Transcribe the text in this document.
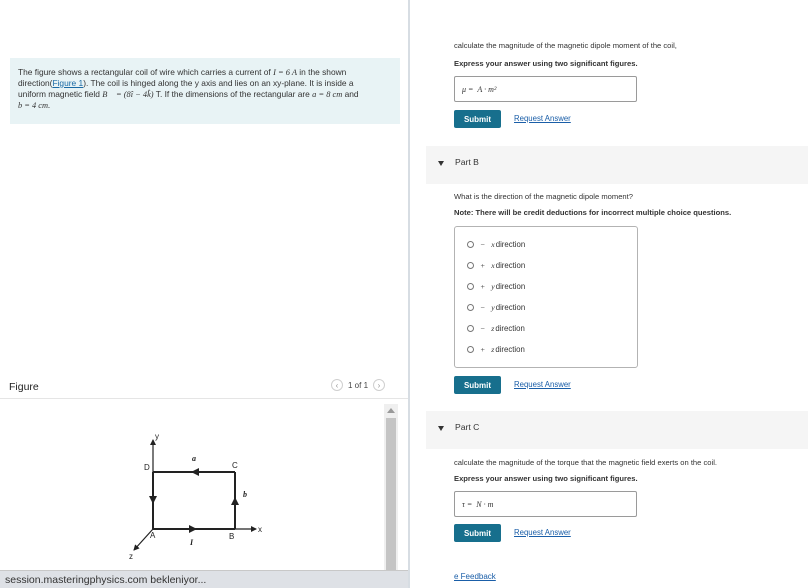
The figure shows a rectangular coil of wire which carries a current of I = 6 A in the shown
direction(Figure 1). The coil is hinged along the y axis and lies on an xy-plane. It is inside a
uniform magnetic field B⃗ = (8î − 4k̂) T. If the dimensions of the rectangular are a = 8 cm and
b = 4 cm.
Figure	‹	1 of 1	›
y
x
z
D	C
A	B
a
b
I
session.masteringphysics.com bekleniyor...
calculate the magnitude of the magnetic dipole moment of the coil,
Express your answer using two significant figures.
μ = A · m²
Submit	Request Answer
Part B
What is the direction of the magnetic dipole moment?
Note: There will be credit deductions for incorrect multiple choice questions.
− x direction
+ x direction
+ y direction
− y direction
− z direction
+ z direction
Submit	Request Answer
Part C
calculate the magnitude of the torque that the magnetic field exerts on the coil.
Express your answer using two significant figures.
τ = N · m
Submit	Request Answer
e Feedback
